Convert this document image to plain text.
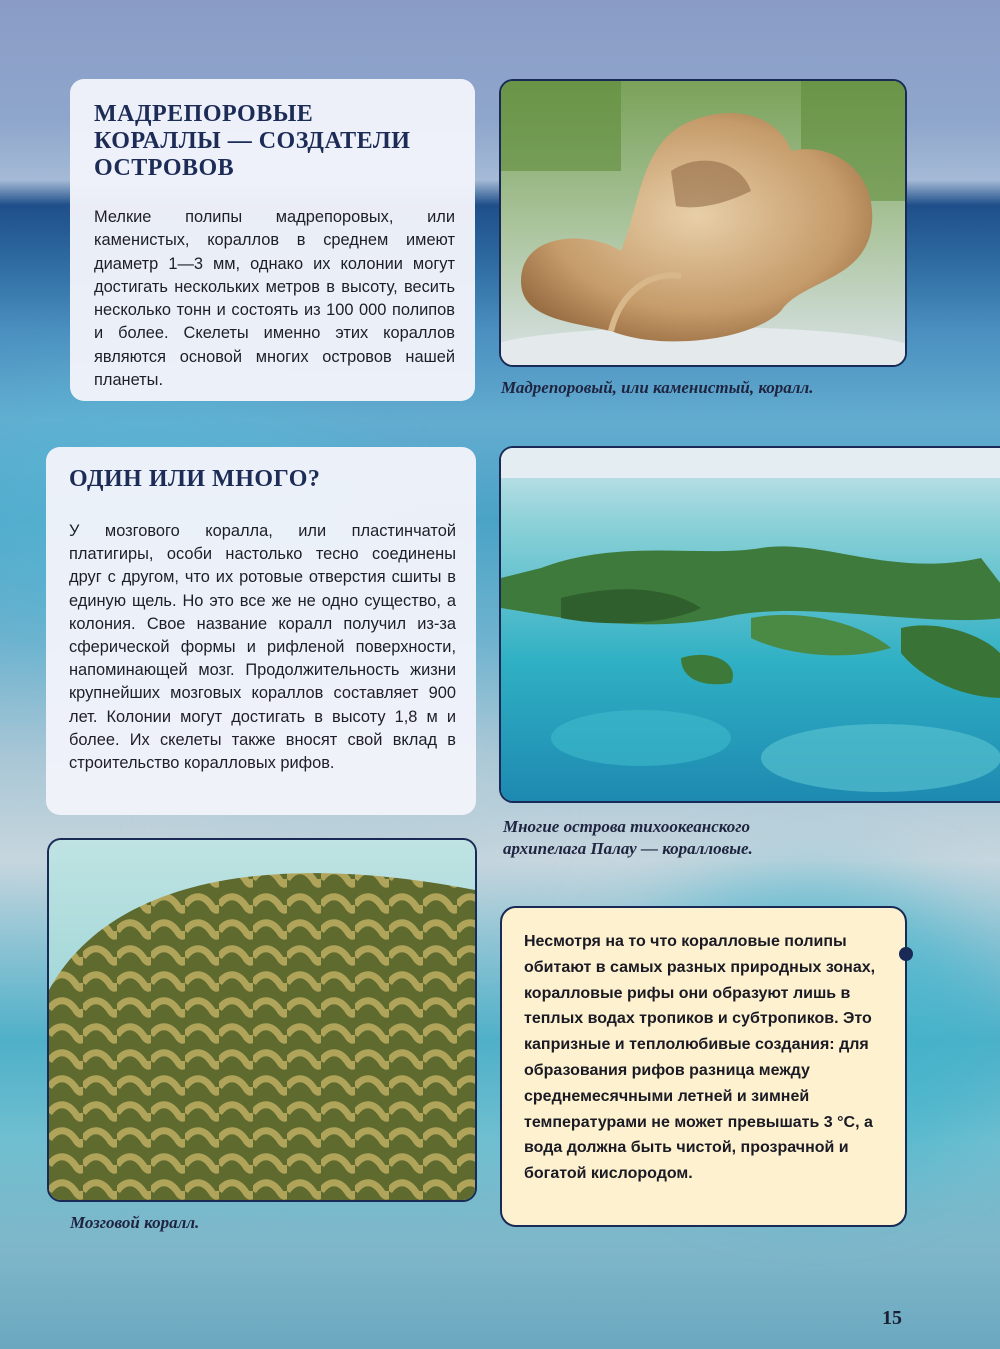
МАДРЕПОРОВЫЕ
КОРАЛЛЫ — СОЗДАТЕЛИ
ОСТРОВОВ

Мелкие полипы мадрепоровых, или каменистых, кораллов в среднем имеют диаметр 1—3 мм, однако их колонии могут достигать нескольких метров в высоту, весить несколько тонн и состоять из 100 000 полипов и более. Скелеты именно этих кораллов являются основой многих островов нашей планеты.	Мадрепоровый, или каменистый, коралл.
ОДИН ИЛИ МНОГО?

У мозгового коралла, или пластинчатой платигиры, особи настолько тесно соединены друг с другом, что их ротовые отверстия сшиты в единую щель. Но это все же не одно существо, а колония. Свое название коралл получил из-за сферической формы и рифленой поверхности, напоминающей мозг. Продолжительность жизни крупнейших мозговых кораллов составляет 900 лет. Колонии могут достигать в высоту 1,8 м и более. Их скелеты также вносят свой вклад в строительство коралловых рифов.

Многие острова тихоокеанского
архипелага Палау — коралловые.
Мозговой коралл.

Несмотря на то что коралловые полипы обитают в самых разных природных зонах, коралловые рифы они образуют лишь в теплых водах тропиков и субтропиков. Это капризные и теплолюбивые создания: для образования рифов разница между среднемесячными летней и зимней температурами не может превышать 3 °C, а вода должна быть чистой, прозрачной и богатой кислородом.

15
